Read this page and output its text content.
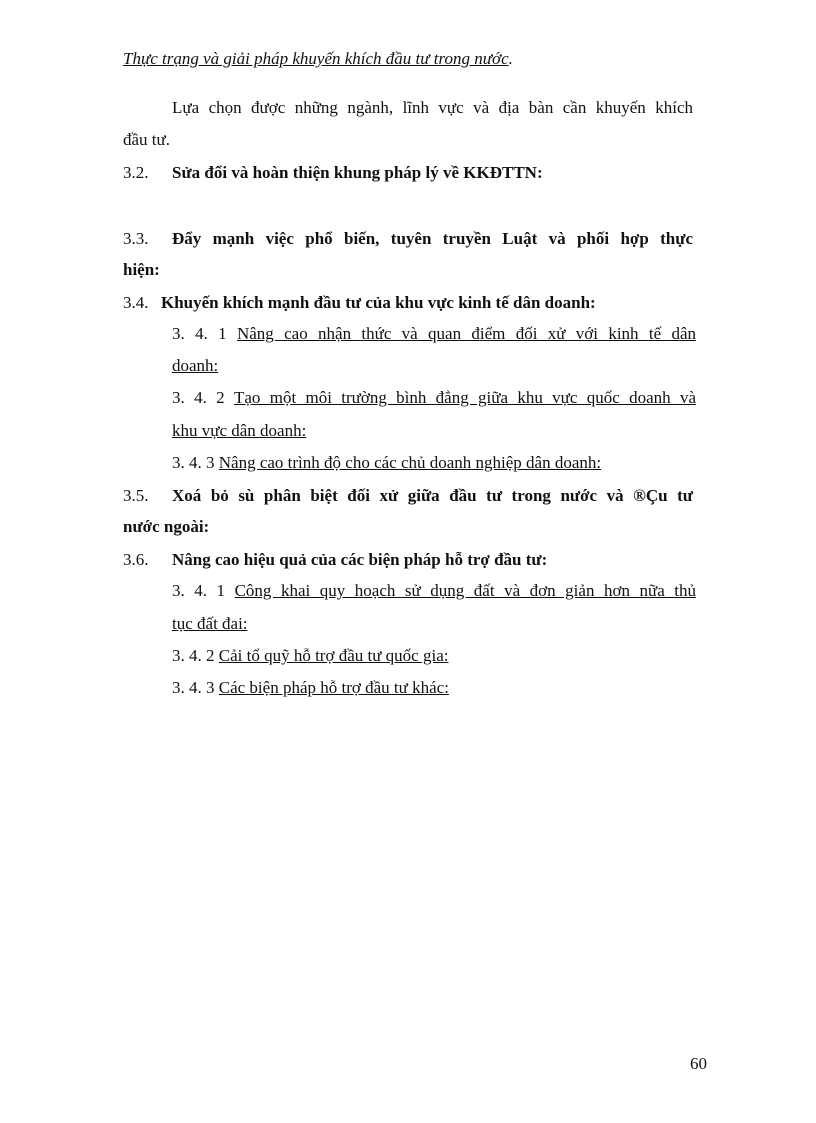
Thực trạng và giải pháp khuyến khích đầu tư trong nước.
Lựa chọn được những ngành, lĩnh vực và địa bàn cần khuyến khích
đầu tư.
3.2. Sửa đổi và hoàn thiện khung pháp lý về KKĐTTN:
3.3. Đẩy mạnh việc phổ biến, tuyên truyền Luật và phối hợp thực
hiện:
3.4. Khuyến khích mạnh đầu tư của khu vực kinh tế dân doanh:
3. 4. 1 Nâng cao nhận thức và quan điểm đối xử với kinh tế dân
doanh:
3. 4. 2 Tạo một môi trường bình đẳng giữa khu vực quốc doanh và
khu vực dân doanh:
3. 4. 3 Nâng cao trình độ cho các chủ doanh nghiệp dân doanh:
3.5. Xoá bỏ sù phân biệt đối xử giữa đầu tư trong nước và ®Çu tư
nước ngoài:
3.6. Nâng cao hiệu quả của các biện pháp hỗ trợ đầu tư:
3. 4. 1 Công khai quy hoạch sử dụng đất và đơn giản hơn nữa thủ
tục đất đai:
3. 4. 2 Cải tổ quỹ hỗ trợ đầu tư quốc gia:
3. 4. 3 Các biện pháp hỗ trợ đầu tư khác:
60
